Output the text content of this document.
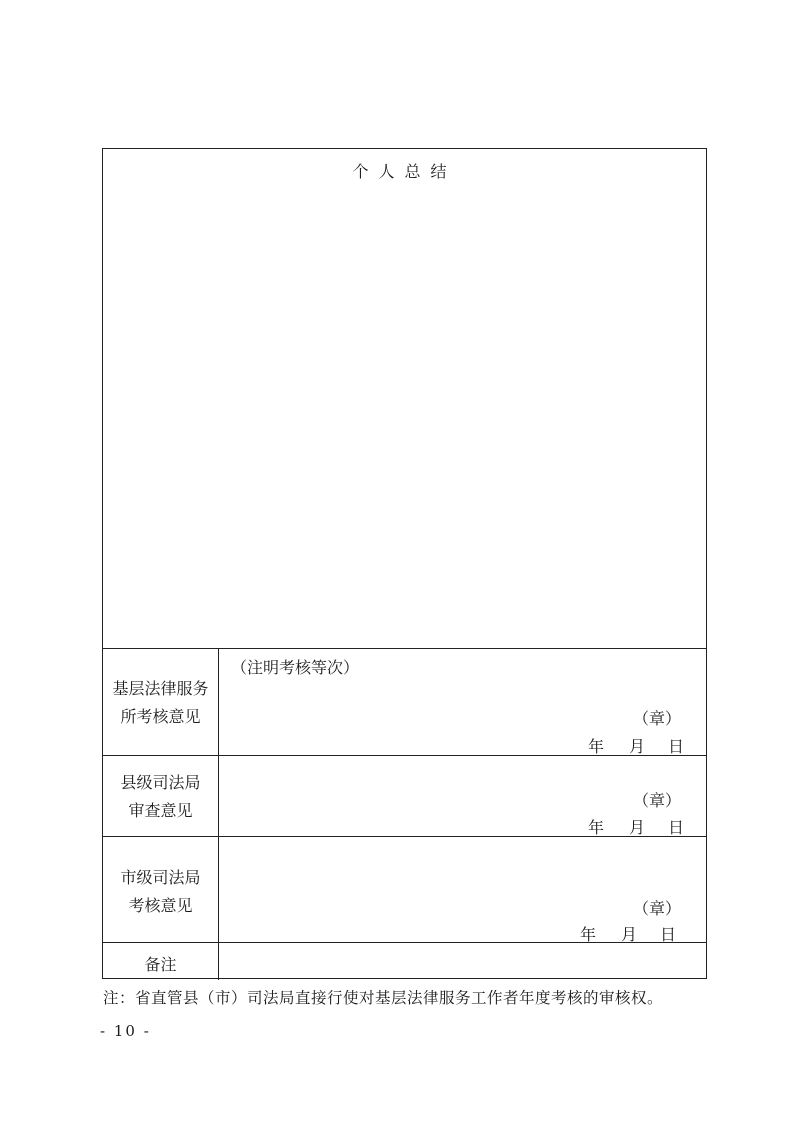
个人总结
基层法律服务
所考核意见
（注明考核等次）
（章）
年 月 日
县级司法局
审查意见
（章）
年 月 日
市级司法局
考核意见	（章）
年 月 日
备注
注：省直管县（市）司法局直接行使对基层法律服务工作者年度考核的审核权。
- 10 -
